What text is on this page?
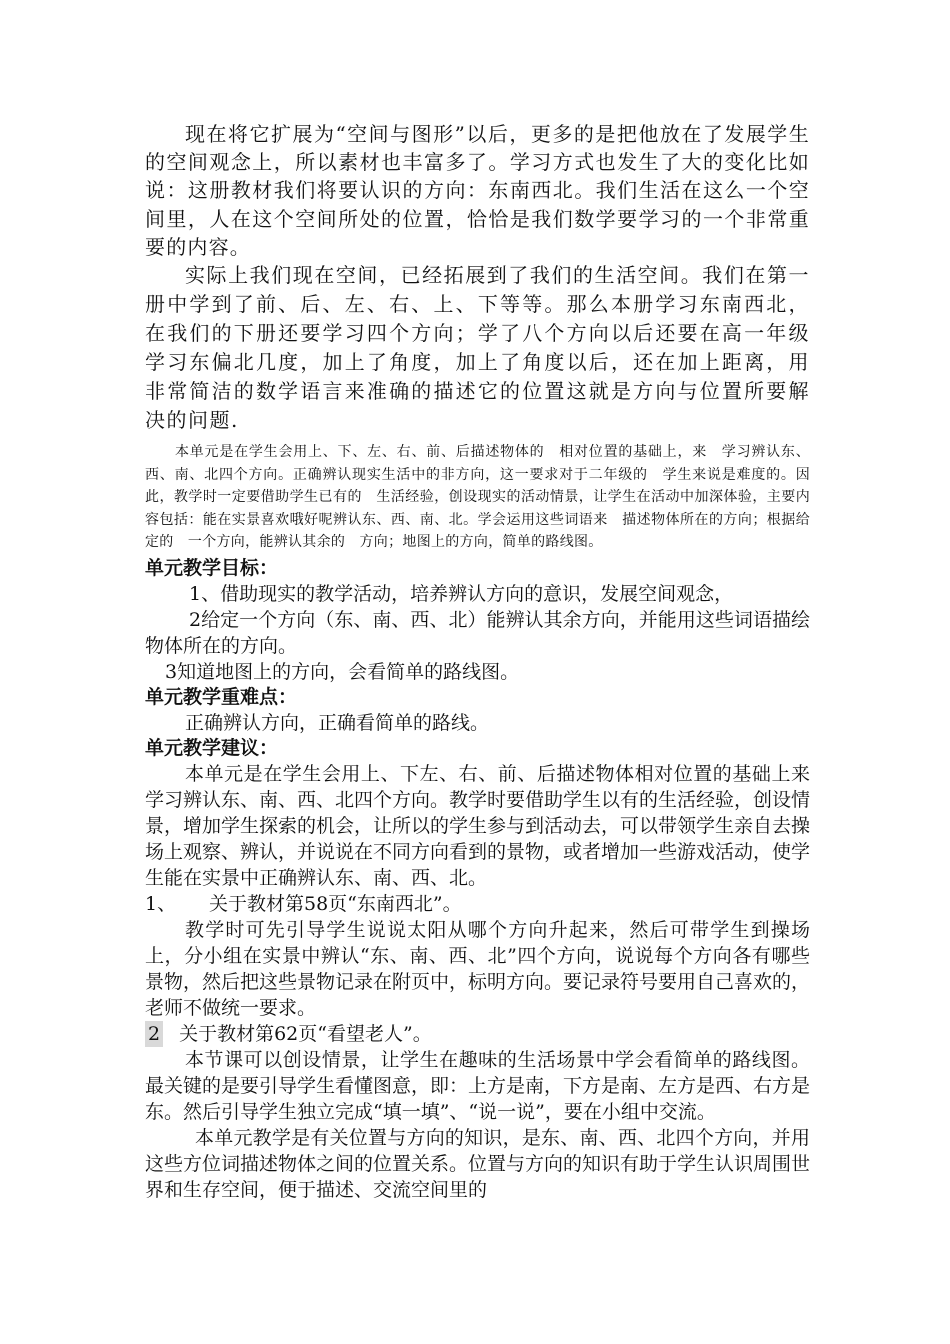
现在将它扩展为“空间与图形”以后，更多的是把他放在了发展学生的空间观念上，所以素材也丰富多了。学习方式也发生了大的变化比如说：这册教材我们将要认识的方向：东南西北。我们生活在这么一个空间里，人在这个空间所处的位置，恰恰是我们数学要学习的一个非常重要的内容。

实际上我们现在空间，已经拓展到了我们的生活空间。我们在第一册中学到了前、后、左、右、上、下等等。那么本册学习东南西北，在我们的下册还要学习四个方向；学了八个方向以后还要在高一年级学习东偏北几度，加上了角度，加上了角度以后，还在加上距离，用非常简洁的数学语言来准确的描述它的位置这就是方向与位置所要解决的问题.

本单元是在学生会用上、下、左、右、前、后描述物体的　相对位置的基础上，来　学习辨认东、西、南、北四个方向。正确辨认现实生活中的非方向，这一要求对于二年级的　学生来说是难度的。因此，教学时一定要借助学生已有的　生活经验，创设现实的活动情景，让学生在活动中加深体验，主要内容包括：能在实景喜欢哦好呢辨认东、西、南、北。学会运用这些词语来　描述物体所在的方向；根据给定的　一个方向，能辨认其余的　方向；地图上的方向，简单的路线图。

单元教学目标：

1、借助现实的教学活动，培养辨认方向的意识，发展空间观念，

2给定一个方向（东、南、西、北）能辨认其余方向，并能用这些词语描绘物体所在的方向。

3知道地图上的方向，会看简单的路线图。

单元教学重难点：

正确辨认方向，正确看简单的路线。

单元教学建议：

本单元是在学生会用上、下左、右、前、后描述物体相对位置的基础上来学习辨认东、南、西、北四个方向。教学时要借助学生以有的生活经验，创设情景，增加学生探索的机会，让所以的学生参与到活动去，可以带领学生亲自去操场上观察、辨认，并说说在不同方向看到的景物，或者增加一些游戏活动，使学生能在实景中正确辨认东、南、西、北。

1、	关于教材第58页“东南西北”。

教学时可先引导学生说说太阳从哪个方向升起来，然后可带学生到操场上，分小组在实景中辨认“东、南、西、北”四个方向，说说每个方向各有哪些景物，然后把这些景物记录在附页中，标明方向。要记录符号要用自己喜欢的，老师不做统一要求。

2 关于教材第62页“看望老人”。

本节课可以创设情景，让学生在趣味的生活场景中学会看简单的路线图。最关键的是要引导学生看懂图意，即：上方是南，下方是南、左方是西、右方是东。然后引导学生独立完成“填一填”、“说一说”，要在小组中交流。

本单元教学是有关位置与方向的知识，是东、南、西、北四个方向，并用这些方位词描述物体之间的位置关系。位置与方向的知识有助于学生认识周围世界和生存空间，便于描述、交流空间里的
